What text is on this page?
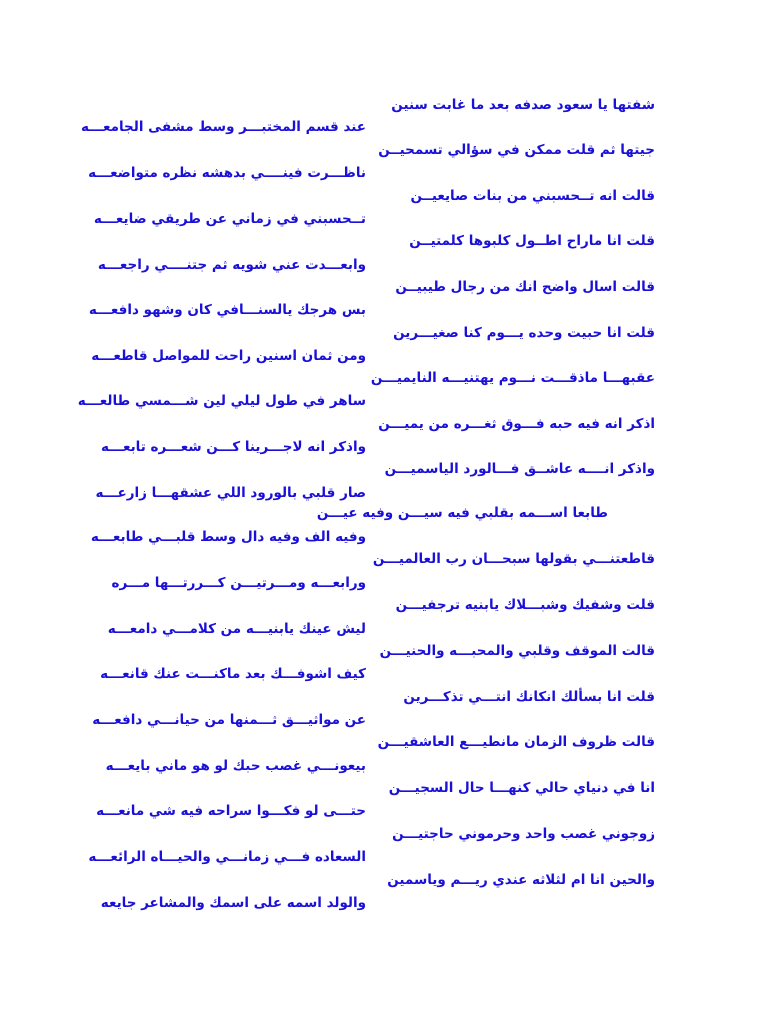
شفتها يا سعود صدفه بعد ما غابت سنين
جيتها ثم قلت ممكن في سؤالي تسمحيــن
قالت انه تــحسبني من بنات صايعيــن
قلت انا ماراح اطــول كلبوها كلمتيــن
قالت اسال واضح انك من رجال طيبيــن
قلت انا حبيت وحده يـــوم كنا صغيـــرين
عقبهـــا ماذقـــت نـــوم يهتنيـــه النايميـــن
اذكر انه فيه حبه فـــوق ثغـــره من يميـــن
واذكر انــــه عاشــق فـــالورد الياسميـــن
طابعا اســـمه بقلبي فيه سيـــن وفيه عيـــن
قاطعتنـــي بقولها سبحـــان رب العالميـــن
قلت وشفيك وشبـــلاك يابنيه ترجفيـــن
قالت الموقف وقلبي والمحبـــه والحنيـــن
قلت انا بسألك انكانك انتـــي تذكـــرين
قالت ظروف الزمان مانطيـــع العاشقيـــن
انا في دنياي حالي كنهـــا حال السجيـــن
زوجوني غصب واحد وحرموني حاجتيـــن
والحين انا ام لثلاثه عندي ريـــم وياسمين
عند قسم المختبـــر وسط مشفى الجامعـــه
ناظـــرت فينــــي بدهشه نظره متواضعـــه
تــحسبني في زماني عن طريقي ضايعـــه
وابعـــدت عني شويه ثم جتنــــي راجعـــه
بس هرجك يالسنـــافي كان وشهو دافعـــه
ومن ثمان اسنين راحت للمواصل قاطعـــه
ساهر في طول ليلي لين شـــمسي طالعـــه
واذكر انه لاجـــرينا كـــن شعـــره تابعـــه
صار قلبي بالورود اللي عشقهـــا زارعـــه
وفيه الف وفيه دال وسط قلبـــي طابعـــه
ورابعـــه ومـــرتيـــن كـــررتـــها مـــره
ليش عينك يابنيـــه من كلامـــي دامعـــه
كيف اشوفـــك بعد ماكنـــت عنك قانعـــه
عن مواثيـــق ثـــمنها من حيانـــي دافعـــه
بيعونـــي غصب حبك لو هو ماني بايعـــه
حتـــى لو فكـــوا سراحه فيه شي مانعـــه
السعاده فـــي زمانـــي والحيـــاه الرائعـــه
والولد اسمه على اسمك والمشاعر جايعه
